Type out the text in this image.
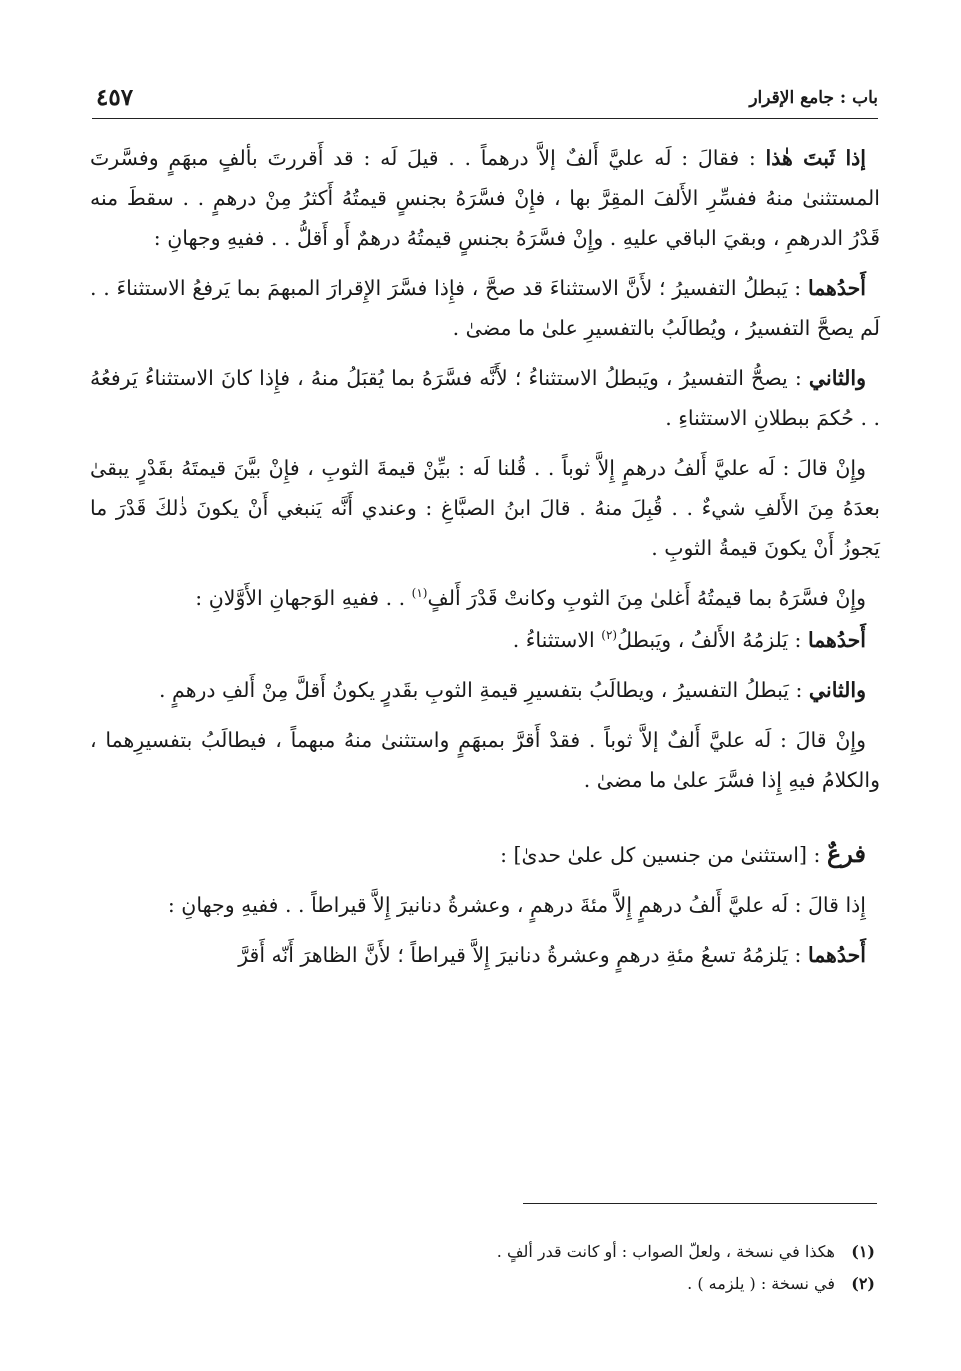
باب : جامع الإقرار
٤٥٧

إذا ثَبتَ هٰذا : فقالَ : لَه عليَّ أَلفٌ إلاَّ درهماً . . قيلَ لَه : قد أَقررتَ بألفٍ مبهَمٍ وفسَّرتَ المستثنىٰ منهُ ففسِّرِ الأَلفَ المقِرَّ بها ، فإِنْ فسَّرَهُ بجنسٍ قيمتُهُ أَكثرُ مِنْ درهمٍ . . سقطَ منه قَدْرُ الدرهمِ ، وبقيَ الباقي عليهِ . وإِنْ فسَّرَهُ بجنسٍ قيمتُهُ درهمٌ أَو أَقلُّ . . ففيهِ وجهانِ :

أَحدُهما : يَبطلُ التفسيرُ ؛ لأَنَّ الاستثناءَ قد صحَّ ، فإِذا فسَّرَ الإِقرارَ المبهمَ بما يَرفعُ الاستثناءَ . . لَم يصحَّ التفسيرُ ، ويُطالَبُ بالتفسيرِ علىٰ ما مضىٰ .

والثاني : يصحُّ التفسيرُ ، ويَبطلُ الاستثناءُ ؛ لأَنَّه فسَّرَهُ بما يُقبَلُ منهُ ، فإِذا كانَ الاستثناءُ يَرفعُهُ . . حُكمَ ببطلانِ الاستثناءِ .

وإِنْ قالَ : لَه عليَّ أَلفُ درهمٍ إِلاَّ ثوباً . . قُلنا لَه : بيِّنْ قيمةَ الثوبِ ، فإِنْ بيَّنَ قيمتَهُ بقَدْرٍ يبقىٰ بعدَهُ مِنَ الأَلفِ شيءٌ . . قُبِلَ منهُ . قالَ ابنُ الصبَّاغِ : وعندي أَنَّه يَنبغي أَنْ يكونَ ذٰلكَ قَدْرَ ما يَجوزُ أَنْ يكونَ قيمةُ الثوبِ .

وإِنْ فسَّرَهُ بما قيمتُهُ أَغلىٰ مِنَ الثوبِ وكانتْ قَدْرَ أَلفٍ$^{(١)}$ . . ففيهِ الوَجهانِ الأَوَّلانِ :

أَحدُهما : يَلزمُهُ الأَلفُ ، ويَبطلُ$^{(٢)}$ الاستثناءُ .

والثاني : يَبطلُ التفسيرُ ، ويطالَبُ بتفسيرِ قيمةِ الثوبِ بقَدرٍ يكونُ أَقلَّ مِنْ أَلفِ درهمٍ .

وإِنْ قالَ : لَه عليَّ أَلفٌ إلاَّ ثوباً . فقدْ أَقرَّ بمبهَمٍ واستثنىٰ منهُ مبهماً ، فيطالَبُ بتفسيرِهما ، والكلامُ فيهِ إِذا فسَّرَ علىٰ ما مضىٰ .

فرعٌ : [استثنىٰ من جنسين كل علىٰ حدىٰ] :

إِذا قالَ : لَه عليَّ أَلفُ درهمٍ إِلاَّ مئةَ درهمٍ ، وعشرةُ دنانيرَ إِلاَّ قيراطاً . . ففيهِ وجهانِ :

أَحدُهما : يَلزمُهُ تسعُ مئةِ درهمٍ وعشرةُ دنانيرَ إِلاَّ قيراطاً ؛ لأَنَّ الظاهرَ أَنّه أَقرَّ

(١)هكذا في نسخة ، ولعلّ الصواب : أو كانت قدر ألفٍ .

(٢)في نسخة : ( يلزمه ) .
